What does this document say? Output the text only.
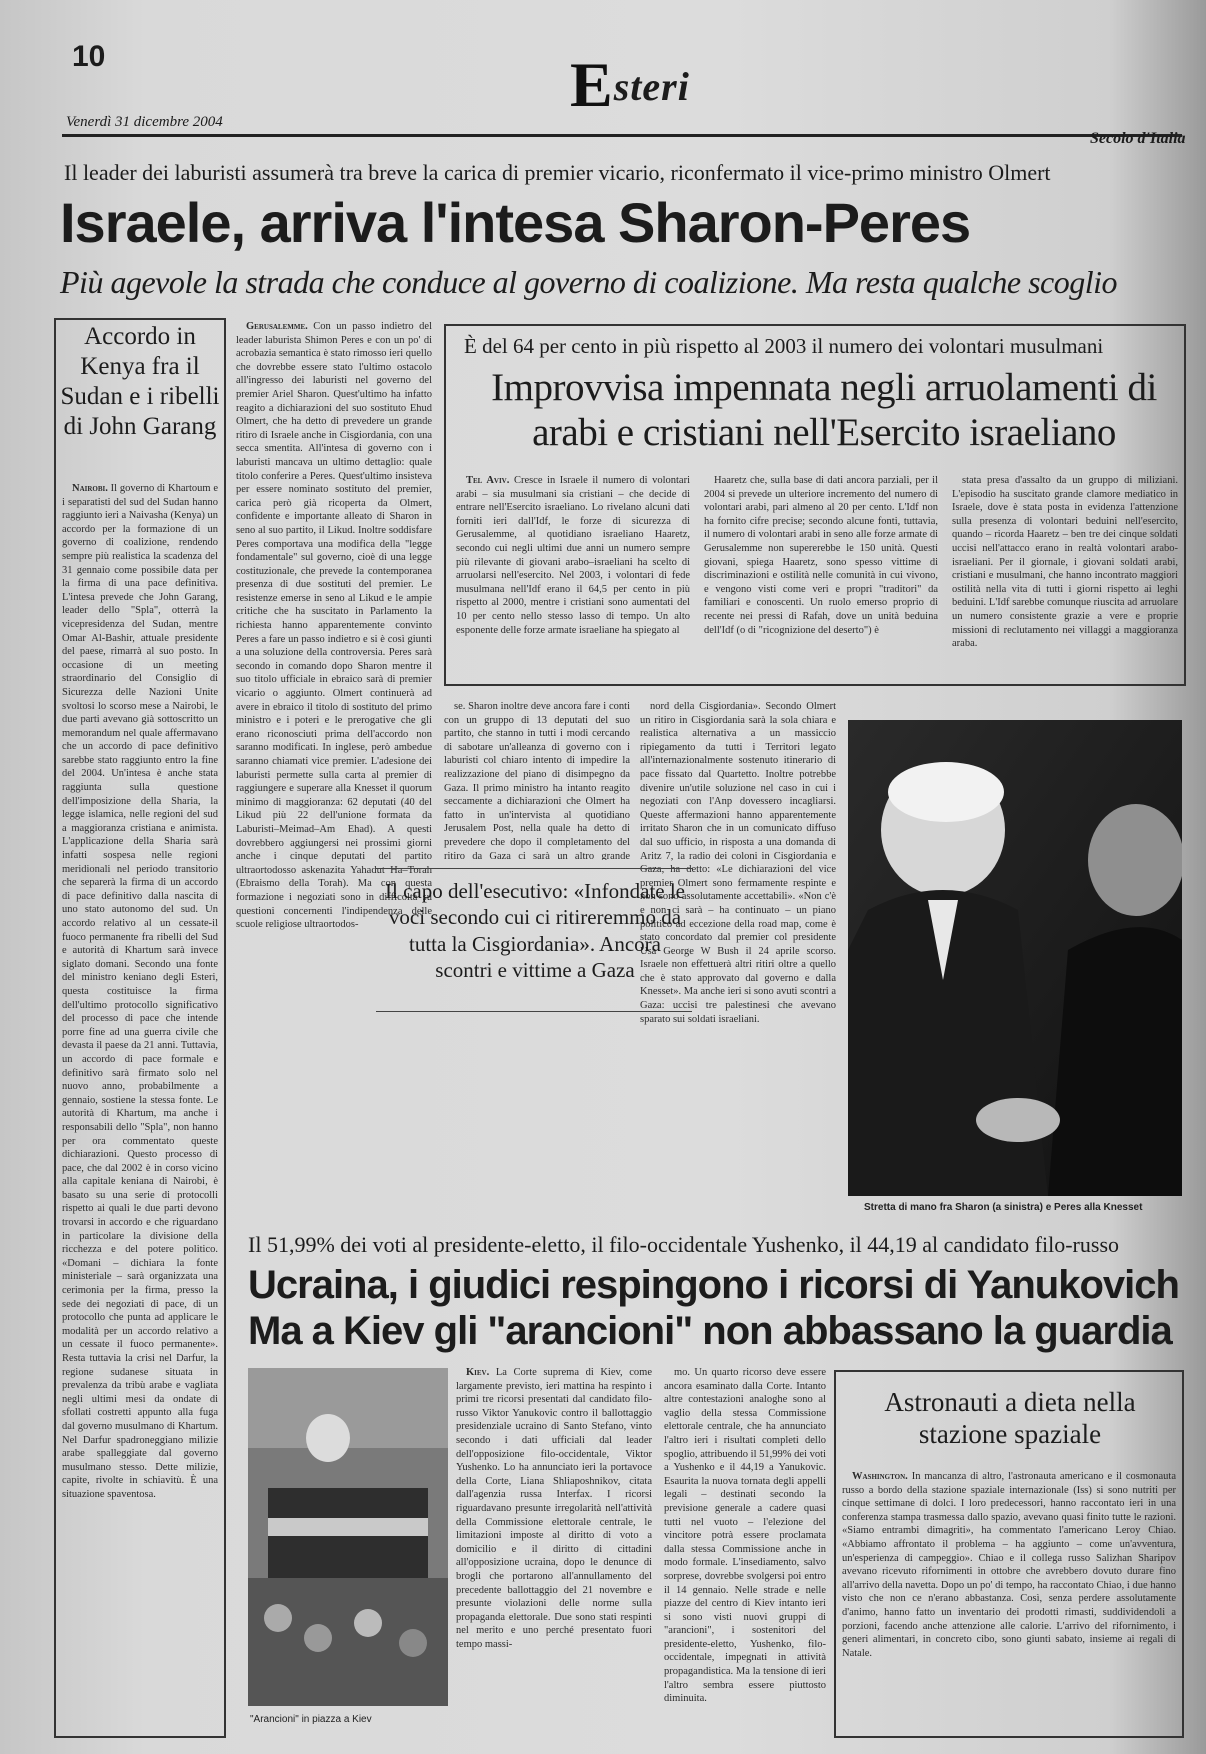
10	Esteri
Venerdì 31 dicembre 2004
Secolo d'Italia
Il leader dei laburisti assumerà tra breve la carica di premier vicario, riconfermato il vice-primo ministro Olmert
Israele, arriva l'intesa Sharon-Peres
Più agevole la strada che conduce al governo di coalizione. Ma resta qualche scoglio
Accordo in Kenya fra il Sudan e i ribelli di John Garang

Nairobi. Il governo di Khartoum e i separatisti del sud del Sudan hanno raggiunto ieri a Naivasha (Kenya) un accordo per la formazione di un governo di coalizione, rendendo sempre più realistica la scadenza del 31 gennaio come possibile data per la firma di una pace definitiva. L'intesa prevede che John Garang, leader dello "Spla", otterrà la vicepresidenza del Sudan, mentre Omar Al-Bashir, attuale presidente del paese, rimarrà al suo posto. In occasione di un meeting straordinario del Consiglio di Sicurezza delle Nazioni Unite svoltosi lo scorso mese a Nairobi, le due parti avevano già sottoscritto un memorandum nel quale affermavano che un accordo di pace definitivo sarebbe stato raggiunto entro la fine del 2004. Un'intesa è anche stata raggiunta sulla questione dell'imposizione della Sharia, la legge islamica, nelle regioni del sud a maggioranza cristiana e animista. L'applicazione della Sharia sarà infatti sospesa nelle regioni meridionali nel periodo transitorio che separerà la firma di un accordo di pace definitivo dalla nascita di uno stato autonomo del sud. Un accordo relativo al un cessate-il fuoco permanente fra ribelli del Sud e autorità di Khartum sarà invece siglato domani. Secondo una fonte del ministro keniano degli Esteri, questa costituisce la firma dell'ultimo protocollo significativo del processo di pace che intende porre fine ad una guerra civile che devasta il paese da 21 anni. Tuttavia, un accordo di pace formale e definitivo sarà firmato solo nel nuovo anno, probabilmente a gennaio, sostiene la stessa fonte. Le autorità di Khartum, ma anche i responsabili dello "Spla", non hanno per ora commentato queste dichiarazioni. Questo processo di pace, che dal 2002 è in corso vicino alla capitale keniana di Nairobi, è basato su una serie di protocolli rispetto ai quali le due parti devono trovarsi in accordo e che riguardano in particolare la divisione della ricchezza e del potere politico. «Domani – dichiara la fonte ministeriale – sarà organizzata una cerimonia per la firma, presso la sede dei negoziati di pace, di un protocollo che punta ad applicare le modalità per un accordo relativo a un cessate il fuoco permanente». Resta tuttavia la crisi nel Darfur, la regione sudanese situata in prevalenza da tribù arabe e vagliata negli ultimi mesi da ondate di sfollati costretti appunto alla fuga dal governo musulmano di Khartum. Nel Darfur spadroneggiano milizie arabe spalleggiate dal governo musulmano stesso. Dette milizie, capite, rivolte in schiavitù. È una situazione spaventosa.

Gerusalemme. Con un passo indietro del leader laburista Shimon Peres e con un po' di acrobazia semantica è stato rimosso ieri quello che dovrebbe essere stato l'ultimo ostacolo all'ingresso dei laburisti nel governo del premier Ariel Sharon. Quest'ultimo ha infatto reagito a dichiarazioni del suo sostituto Ehud Olmert, che ha detto di prevedere un grande ritiro di Israele anche in Cisgiordania, con una secca smentita. All'intesa di governo con i laburisti mancava un ultimo dettaglio: quale titolo conferire a Peres. Quest'ultimo insisteva per essere nominato sostituto del premier, carica però già ricoperta da Olmert, confidente e importante alleato di Sharon in seno al suo partito, il Likud. Inoltre soddisfare Peres comportava una modifica della "legge fondamentale" sul governo, cioè di una legge costituzionale, che prevede la contemporanea presenza di due sostituti del premier. Le resistenze emerse in seno al Likud e le ampie critiche che ha suscitato in Parlamento la richiesta hanno apparentemente convinto Peres a fare un passo indietro e si è così giunti a una soluzione della controversia. Peres sarà secondo in comando dopo Sharon mentre il suo titolo ufficiale in ebraico sarà di premier vicario o aggiunto. Olmert continuerà ad avere in ebraico il titolo di sostituto del primo ministro e i poteri e le prerogative che gli erano riconosciuti prima dell'accordo non saranno modificati. In inglese, però ambedue saranno chiamati vice premier. L'adesione dei laburisti permette sulla carta al premier di raggiungere e superare alla Knesset il quorum minimo di maggioranza: 62 deputati (40 del Likud più 22 dell'unione formata da Laburisti–Meimad–Am Ehad). A questi dovrebbero aggiungersi nei prossimi giorni anche i cinque deputati del partito ultraortodosso askenazita Yahadut Ha–Torah (Ebraismo della Torah). Ma con questa formazione i negoziati sono in difficoltà su questioni concernenti l'indipendenza delle scuole religiose ultraortodos-

È del 64 per cento in più rispetto al 2003 il numero dei volontari musulmani
Improvvisa impennata negli arruolamenti di arabi e cristiani nell'Esercito israeliano

Tel Aviv. Cresce in Israele il numero di volontari arabi – sia musulmani sia cristiani – che decide di entrare nell'Esercito israeliano. Lo rivelano alcuni dati forniti ieri dall'Idf, le forze di sicurezza di Gerusalemme, al quotidiano israeliano Haaretz, secondo cui negli ultimi due anni un numero sempre più rilevante di giovani arabo–israeliani ha scelto di arruolarsi nell'esercito. Nel 2003, i volontari di fede musulmana nell'Idf erano il 64,5 per cento in più rispetto al 2000, mentre i cristiani sono aumentati del 10 per cento nello stesso lasso di tempo. Un alto esponente delle forze armate israeliane ha spiegato al

Haaretz che, sulla base di dati ancora parziali, per il 2004 si prevede un ulteriore incremento del numero di volontari arabi, pari almeno al 20 per cento. L'Idf non ha fornito cifre precise; secondo alcune fonti, tuttavia, il numero di volontari arabi in seno alle forze armate di Gerusalemme non supererebbe le 150 unità. Questi giovani, spiega Haaretz, sono spesso vittime di discriminazioni e ostilità nelle comunità in cui vivono, e vengono visti come veri e propri "traditori" da familiari e conoscenti. Un ruolo emerso proprio di recente nei pressi di Rafah, dove un unità beduina dell'Idf (o di "ricognizione del deserto") è

stata presa d'assalto da un gruppo di miliziani. L'episodio ha suscitato grande clamore mediatico in Israele, dove è stata posta in evidenza l'attenzione sulla presenza di volontari beduini nell'esercito, quando – ricorda Haaretz – ben tre dei cinque soldati uccisi nell'attacco erano in realtà volontari arabo-israeliani. Per il giornale, i giovani soldati arabi, cristiani e musulmani, che hanno incontrato maggiori ostilità nella vita di tutti i giorni rispetto ai leghi beduini. L'Idf sarebbe comunque riuscita ad arruolare un numero consistente grazie a vere e proprie missioni di reclutamento nei villaggi a maggioranza araba.

se. Sharon inoltre deve ancora fare i conti con un gruppo di 13 deputati del suo partito, che stanno in tutti i modi cercando di sabotare un'alleanza di governo con i laburisti col chiaro intento di impedire la realizzazione del piano di disimpegno da Gaza. Il primo ministro ha intanto reagito seccamente a dichiarazioni che Olmert ha fatto in un'intervista al quotidiano Jerusalem Post, nella quale ha detto di prevedere che dopo il completamento del ritiro da Gaza ci sarà un altro grande

nord della Cisgiordania». Secondo Olmert un ritiro in Cisgiordania sarà la sola chiara e realistica alternativa a un massiccio ripiegamento da tutti i Territori legato all'internazionalmente sostenuto itinerario di pace fissato dal Quartetto. Inoltre potrebbe divenire un'utile soluzione nel caso in cui i negoziati con l'Anp dovessero incagliarsi. Queste affermazioni hanno apparentemente irritato Sharon che in un comunicato diffuso dal suo ufficio, in risposta a una domanda di Aritz 7, la radio dei coloni in Cisgiordania e Gaza, ha detto: «Le dichiarazioni del vice premier Olmert sono fermamente respinte e non sono assolutamente accettabili». «Non c'è e non ci sarà – ha continuato – un piano politico ad eccezione della road map, come è stato concordato dal premier col presidente Usa George W Bush il 24 aprile scorso. Israele non effettuerà altri ritiri oltre a quello che è stato approvato dal governo e dalla Knesset». Ma anche ieri si sono avuti scontri a Gaza: uccisi tre palestinesi che avevano sparato sui soldati israeliani.

Il capo dell'esecutivo: «Infondate le voci secondo cui ci ritireremmo da tutta la Cisgiordania». Ancora scontri e vittime a Gaza

Stretta di mano fra Sharon (a sinistra) e Peres alla Knesset
Il 51,99% dei voti al presidente-eletto, il filo-occidentale Yushenko, il 44,19 al candidato filo-russo
Ucraina, i giudici respingono i ricorsi di Yanukovich
Ma a Kiev gli "arancioni" non abbassano la guardia
"Arancioni" in piazza a Kiev

Kiev. La Corte suprema di Kiev, come largamente previsto, ieri mattina ha respinto i primi tre ricorsi presentati dal candidato filo-russo Viktor Yanukovic contro il ballottaggio presidenziale ucraino di Santo Stefano, vinto secondo i dati ufficiali dal leader dell'opposizione filo-occidentale, Viktor Yushenko. Lo ha annunciato ieri la portavoce della Corte, Liana Shliaposhnikov, citata dall'agenzia russa Interfax. I ricorsi riguardavano presunte irregolarità nell'attività della Commissione elettorale centrale, le limitazioni imposte al diritto di voto a domicilio e il diritto di cittadini all'opposizione ucraina, dopo le denunce di brogli che portarono all'annullamento del precedente ballottaggio del 21 novembre e presunte violazioni delle norme sulla propaganda elettorale. Due sono stati respinti nel merito e uno perché presentato fuori tempo massi-

mo. Un quarto ricorso deve essere ancora esaminato dalla Corte. Intanto altre contestazioni analoghe sono al vaglio della stessa Commissione elettorale centrale, che ha annunciato l'altro ieri i risultati completi dello spoglio, attribuendo il 51,99% dei voti a Yushenko e il 44,19 a Yanukovic. Esaurita la nuova tornata degli appelli legali – destinati secondo la previsione generale a cadere quasi tutti nel vuoto – l'elezione del vincitore potrà essere proclamata dalla stessa Commissione anche in modo formale. L'insediamento, salvo sorprese, dovrebbe svolgersi poi entro il 14 gennaio. Nelle strade e nelle piazze del centro di Kiev intanto ieri si sono visti nuovi gruppi di "arancioni", i sostenitori del presidente-eletto, Yushenko, filo-occidentale, impegnati in attività propagandistica. Ma la tensione di ieri l'altro sembra essere piuttosto diminuita.

Astronauti a dieta nella stazione spaziale

Washington. In mancanza di altro, l'astronauta americano e il cosmonauta russo a bordo della stazione spaziale internazionale (Iss) si sono nutriti per cinque settimane di dolci. I loro predecessori, hanno raccontato ieri in una conferenza stampa trasmessa dallo spazio, avevano quasi finito tutte le razioni. «Siamo entrambi dimagriti», ha commentato l'americano Leroy Chiao. «Abbiamo affrontato il problema – ha aggiunto – come un'avventura, un'esperienza di campeggio». Chiao e il collega russo Salizhan Sharipov avevano ricevuto rifornimenti in ottobre che avrebbero dovuto durare fino all'arrivo della navetta. Dopo un po' di tempo, ha raccontato Chiao, i due hanno visto che non ce n'erano abbastanza. Così, senza perdere assolutamente d'animo, hanno fatto un inventario dei prodotti rimasti, suddividendoli a porzioni, facendo anche attenzione alle calorie. L'arrivo del rifornimento, i generi alimentari, in concreto cibo, sono giunti sabato, insieme ai regali di Natale.
